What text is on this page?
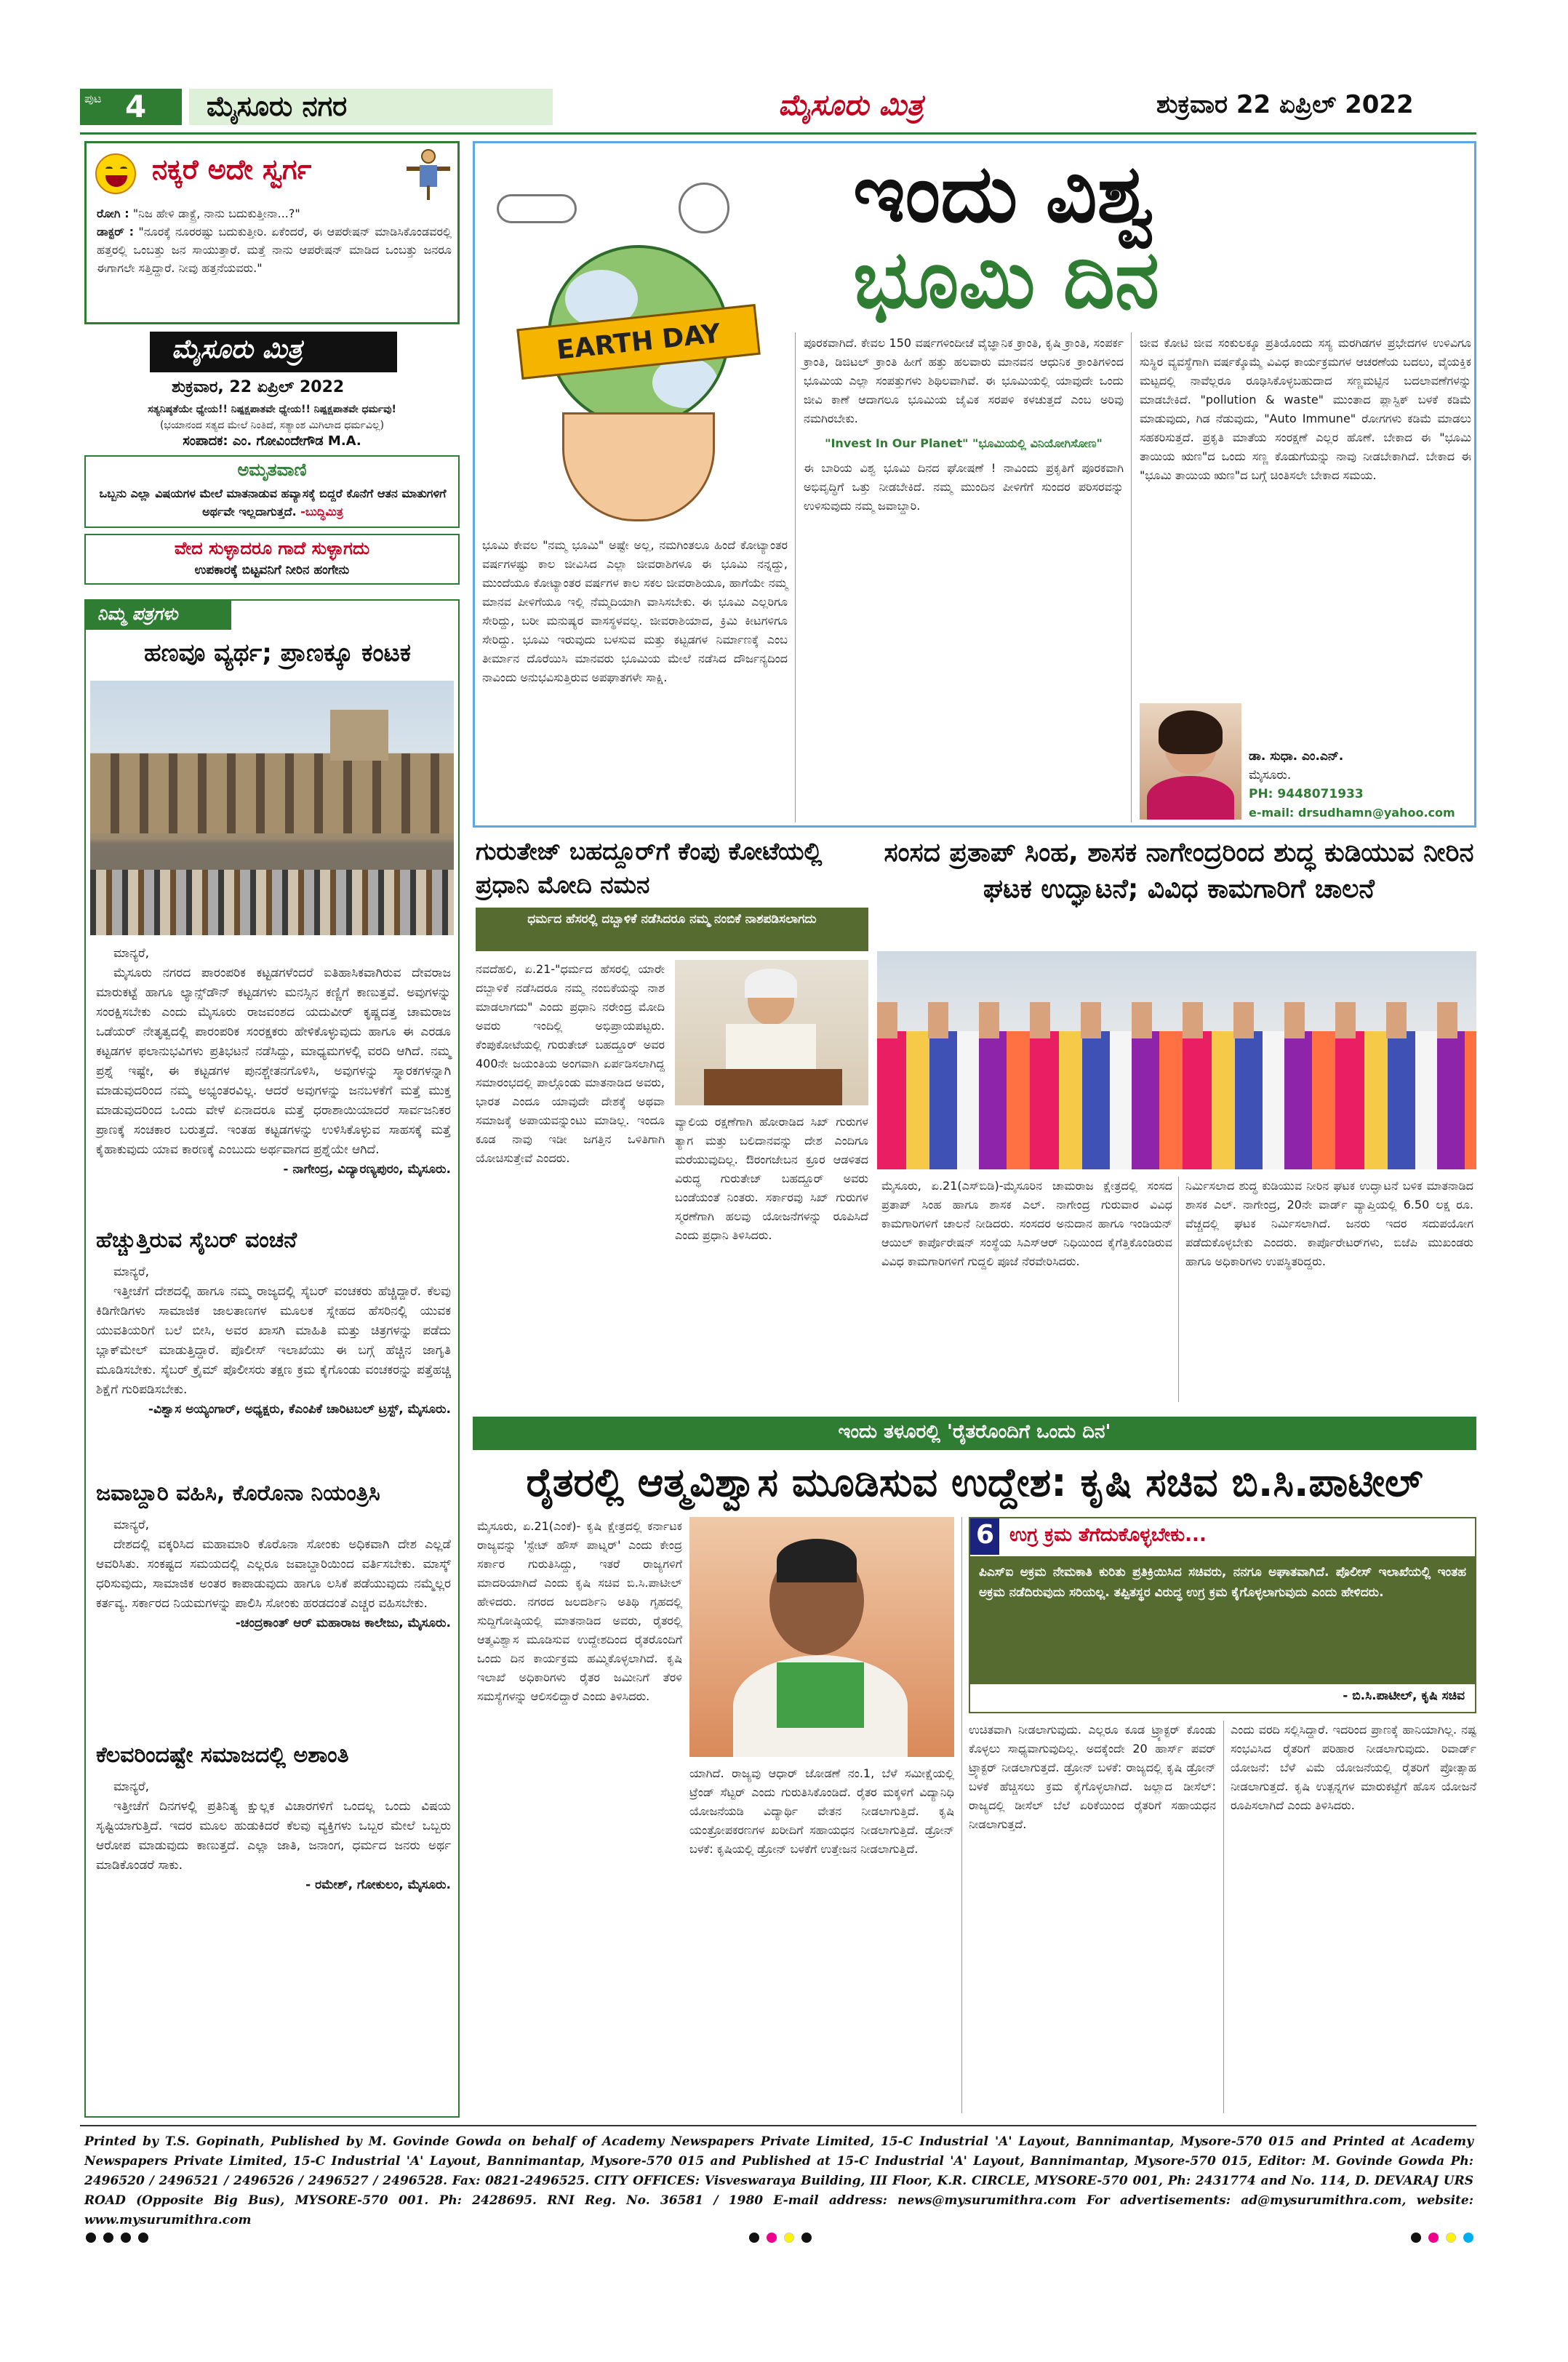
ಪುಟ 4 ಮೈಸೂರು ನಗರ	ಮೈಸೂರು ಮಿತ್ರ	ಶುಕ್ರವಾರ 22 ಏಪ್ರಿಲ್ 2022
ನಕ್ಕರೆ ಅದೇ ಸ್ವರ್ಗ
ರೋಗಿ : "ನಿಜ ಹೇಳಿ ಡಾಕ್ಟ್ರೆ, ನಾನು ಬದುಕುತ್ತೀನಾ...?"
ಡಾಕ್ಟರ್ : "ನೂರಕ್ಕೆ ನೂರರಷ್ಟು ಬದುಕುತ್ತೀರಿ. ಏಕೆಂದರೆ, ಈ ಆಪರೇಷನ್ ಮಾಡಿಸಿಕೊಂಡವರಲ್ಲಿ ಹತ್ತರಲ್ಲಿ ಒಂಬತ್ತು ಜನ ಸಾಯುತ್ತಾರೆ. ಮತ್ತೆ ನಾನು ಆಪರೇಷನ್ ಮಾಡಿದ ಒಂಬತ್ತು ಜನರೂ ಈಗಾಗಲೇ ಸತ್ತಿದ್ದಾರೆ. ನೀವು ಹತ್ತನೆಯವರು."
ಮೈಸೂರು ಮಿತ್ರ
ಶುಕ್ರವಾರ, 22 ಏಪ್ರಿಲ್ 2022
ಸತ್ಯನಿಷ್ಠತೆಯೇ ಧ್ಯೇಯ!! ನಿಷ್ಪಕ್ಷಪಾತವೇ ಧ್ಯೇಯ!! ನಿಷ್ಪಕ್ಷಪಾತವೇ ಧರ್ಮವು!
(ಭಯಾನಂದ ಸತ್ಯದ ಮೇಲೆ ನಿಂತಿದೆ, ಸತ್ಯಾಂಶ ಮಿಗಿಲಾದ ಧರ್ಮವಿಲ್ಲ)
ಸಂಪಾದಕ: ಎಂ. ಗೋವಿಂದೇಗೌಡ M.A.
ಅಮೃತವಾಣಿ
ಒಬ್ಬನು ಎಲ್ಲಾ ವಿಷಯಗಳ ಮೇಲೆ ಮಾತನಾಡುವ ಹವ್ಯಾಸಕ್ಕೆ ಬಿದ್ದರೆ ಕೊನೆಗೆ ಆತನ ಮಾತುಗಳಿಗೆ ಅರ್ಥವೇ ಇಲ್ಲದಾಗುತ್ತದೆ. -ಬುದ್ಧಿಮಿತ್ರ
ವೇದ ಸುಳ್ಳಾದರೂ ಗಾದೆ ಸುಳ್ಳಾಗದು
ಉಪಕಾರಕ್ಕೆ ಬಿಟ್ಟವನಿಗೆ ನೀರಿನ ಹಂಗೇನು
ನಿಮ್ಮ ಪತ್ರಗಳು
ಹಣವೂ ವ್ಯರ್ಥ; ಪ್ರಾಣಕ್ಕೂ ಕಂಟಕ

ಮಾನ್ಯರೆ,

ಮೈಸೂರು ನಗರದ ಪಾರಂಪರಿಕ ಕಟ್ಟಡಗಳೆಂದರೆ ಐತಿಹಾಸಿಕವಾಗಿರುವ ದೇವರಾಜ ಮಾರುಕಟ್ಟೆ ಹಾಗೂ ಲ್ಯಾನ್ಸ್‌ಡೌನ್ ಕಟ್ಟಡಗಳು ಮನಸ್ಸಿನ ಕಣ್ಣಿಗೆ ಕಾಣುತ್ತವೆ. ಅವುಗಳನ್ನು ಸಂರಕ್ಷಿಸಬೇಕು ಎಂದು ಮೈಸೂರು ರಾಜವಂಶದ ಯದುವೀರ್ ಕೃಷ್ಣದತ್ತ ಚಾಮರಾಜ ಒಡೆಯರ್ ನೇತೃತ್ವದಲ್ಲಿ ಪಾರಂಪರಿಕ ಸಂರಕ್ಷಕರು ಹೇಳಿಕೊಳ್ಳುವುದು ಹಾಗೂ ಈ ಎರಡೂ ಕಟ್ಟಡಗಳ ಫಲಾನುಭವಿಗಳು ಪ್ರತಿಭಟನೆ ನಡೆಸಿದ್ದು, ಮಾಧ್ಯಮಗಳಲ್ಲಿ ವರದಿ ಆಗಿದೆ. ನಮ್ಮ ಪ್ರಶ್ನೆ ಇಷ್ಟೇ, ಈ ಕಟ್ಟಡಗಳ ಪುನಶ್ಚೇತನಗೊಳಿಸಿ, ಅವುಗಳನ್ನು ಸ್ಮಾರಕಗಳನ್ನಾಗಿ ಮಾಡುವುದರಿಂದ ನಮ್ಮ ಅಭ್ಯಂತರವಿಲ್ಲ. ಆದರೆ ಅವುಗಳನ್ನು ಜನಬಳಕೆಗೆ ಮತ್ತೆ ಮುಕ್ತ ಮಾಡುವುದರಿಂದ ಒಂದು ವೇಳೆ ಏನಾದರೂ ಮತ್ತೆ ಧರಾಶಾಯಿಯಾದರೆ ಸಾರ್ವಜನಿಕರ ಪ್ರಾಣಕ್ಕೆ ಸಂಚಕಾರ ಬರುತ್ತದೆ. ಇಂತಹ ಕಟ್ಟಡಗಳನ್ನು ಉಳಿಸಿಕೊಳ್ಳುವ ಸಾಹಸಕ್ಕೆ ಮತ್ತೆ ಕೈಹಾಕುವುದು ಯಾವ ಕಾರಣಕ್ಕೆ ಎಂಬುದು ಅರ್ಥವಾಗದ ಪ್ರಶ್ನೆಯೇ ಆಗಿದೆ.

- ನಾಗೇಂದ್ರ, ವಿದ್ಯಾರಣ್ಯಪುರಂ, ಮೈಸೂರು.
ಹೆಚ್ಚುತ್ತಿರುವ ಸೈಬರ್ ವಂಚನೆ

ಮಾನ್ಯರೆ,

ಇತ್ತೀಚೆಗೆ ದೇಶದಲ್ಲಿ ಹಾಗೂ ನಮ್ಮ ರಾಜ್ಯದಲ್ಲಿ ಸೈಬರ್ ವಂಚಕರು ಹೆಚ್ಚಿದ್ದಾರೆ. ಕೆಲವು ಕಿಡಿಗೇಡಿಗಳು ಸಾಮಾಜಿಕ ಜಾಲತಾಣಗಳ ಮೂಲಕ ಸ್ನೇಹದ ಹೆಸರಿನಲ್ಲಿ ಯುವಕ ಯುವತಿಯರಿಗೆ ಬಲೆ ಬೀಸಿ, ಅವರ ಖಾಸಗಿ ಮಾಹಿತಿ ಮತ್ತು ಚಿತ್ರಗಳನ್ನು ಪಡೆದು ಬ್ಲಾಕ್‌ಮೇಲ್ ಮಾಡುತ್ತಿದ್ದಾರೆ. ಪೊಲೀಸ್ ಇಲಾಖೆಯು ಈ ಬಗ್ಗೆ ಹೆಚ್ಚಿನ ಜಾಗೃತಿ ಮೂಡಿಸಬೇಕು. ಸೈಬರ್ ಕ್ರೈಮ್ ಪೊಲೀಸರು ತಕ್ಷಣ ಕ್ರಮ ಕೈಗೊಂಡು ವಂಚಕರನ್ನು ಪತ್ತೆಹಚ್ಚಿ ಶಿಕ್ಷೆಗೆ ಗುರಿಪಡಿಸಬೇಕು.

-ವಿಶ್ವಾಸ ಅಯ್ಯಂಗಾರ್, ಅಧ್ಯಕ್ಷರು, ಕೆಎಂಪಿಕೆ ಚಾರಿಟಬಲ್ ಟ್ರಸ್ಟ್, ಮೈಸೂರು.
ಜವಾಬ್ದಾರಿ ವಹಿಸಿ, ಕೊರೊನಾ ನಿಯಂತ್ರಿಸಿ

ಮಾನ್ಯರೆ,

ದೇಶದಲ್ಲಿ ವಕ್ಕರಿಸಿದ ಮಹಾಮಾರಿ ಕೊರೊನಾ ಸೋಂಕು ಅಧಿಕವಾಗಿ ದೇಶ ಎಲ್ಲಡೆ ಆವರಿಸಿತು. ಸಂಕಷ್ಟದ ಸಮಯದಲ್ಲಿ ಎಲ್ಲರೂ ಜವಾಬ್ದಾರಿಯಿಂದ ವರ್ತಿಸಬೇಕು. ಮಾಸ್ಕ್ ಧರಿಸುವುದು, ಸಾಮಾಜಿಕ ಅಂತರ ಕಾಪಾಡುವುದು ಹಾಗೂ ಲಸಿಕೆ ಪಡೆಯುವುದು ನಮ್ಮೆಲ್ಲರ ಕರ್ತವ್ಯ. ಸರ್ಕಾರದ ನಿಯಮಗಳನ್ನು ಪಾಲಿಸಿ ಸೋಂಕು ಹರಡದಂತೆ ಎಚ್ಚರ ವಹಿಸಬೇಕು.

-ಚಂದ್ರಕಾಂತ್ ಆರ್ ಮಹಾರಾಜ ಕಾಲೇಜು, ಮೈಸೂರು.
ಕೆಲವರಿಂದಷ್ಟೇ ಸಮಾಜದಲ್ಲಿ ಅಶಾಂತಿ

ಮಾನ್ಯರೆ,

ಇತ್ತೀಚೆಗೆ ದಿನಗಳಲ್ಲಿ ಪ್ರತಿನಿತ್ಯ ಕ್ಷುಲ್ಲಕ ವಿಚಾರಗಳಿಗೆ ಒಂದಲ್ಲ ಒಂದು ವಿಷಯ ಸೃಷ್ಟಿಯಾಗುತ್ತಿದೆ. ಇದರ ಮೂಲ ಹುಡುಕಿದರೆ ಕೆಲವು ವ್ಯಕ್ತಿಗಳು ಒಬ್ಬರ ಮೇಲೆ ಒಬ್ಬರು ಆರೋಪ ಮಾಡುವುದು ಕಾಣುತ್ತದೆ. ಎಲ್ಲಾ ಜಾತಿ, ಜನಾಂಗ, ಧರ್ಮದ ಜನರು ಅರ್ಥ ಮಾಡಿಕೊಂಡರೆ ಸಾಕು.

- ರಮೇಶ್, ಗೋಕುಲಂ, ಮೈಸೂರು.
EARTH DAY
ಇಂದು ವಿಶ್ವ
ಭೂಮಿ ದಿನ
ಭೂಮಿ ಕೇವಲ "ನಮ್ಮ ಭೂಮಿ" ಅಷ್ಟೇ ಅಲ್ಲ, ನಮಗಿಂತಲೂ ಹಿಂದೆ ಕೋಟ್ಯಾಂತರ ವರ್ಷಗಳಷ್ಟು ಕಾಲ ಜೀವಿಸಿದ ಎಲ್ಲಾ ಜೀವರಾಶಿಗಳೂ ಈ ಭೂಮಿ ನನ್ನದ್ದು, ಮುಂದೆಯೂ ಕೋಟ್ಯಾಂತರ ವರ್ಷಗಳ ಕಾಲ ಸಕಲ ಜೀವರಾಶಿಯೂ, ಹಾಗೆಯೇ ನಮ್ಮ ಮಾನವ ಪೀಳಿಗೆಯೂ ಇಲ್ಲಿ ನೆಮ್ಮದಿಯಾಗಿ ವಾಸಿಸಬೇಕು. ಈ ಭೂಮಿ ಎಲ್ಲರಿಗೂ ಸೇರಿದ್ದು, ಬರೀ ಮನುಷ್ಯರ ವಾಸಸ್ಥಳವಲ್ಲ. ಜೀವರಾಶಿಯಾದ, ಕ್ರಿಮಿ ಕೀಟಗಳಿಗೂ ಸೇರಿದ್ದು. ಭೂಮಿ ಇರುವುದು ಬಳಸುವ ಮತ್ತು ಕಟ್ಟಡಗಳ ನಿರ್ಮಾಣಕ್ಕೆ ಎಂಬ ತೀರ್ಮಾನ ದೊರೆಯಿಸಿ ಮಾನವರು ಭೂಮಿಯ ಮೇಲೆ ನಡೆಸಿದ ದೌರ್ಜನ್ಯದಿಂದ ನಾವಿಂದು ಅನುಭವಿಸುತ್ತಿರುವ ಅಪಘಾತಗಳೇ ಸಾಕ್ಷಿ.
ಪೂರಕವಾಗಿದೆ. ಕೇವಲ 150 ವರ್ಷಗಳಿಂದೀಚೆ ವೈಜ್ಞಾನಿಕ ಕ್ರಾಂತಿ, ಕೃಷಿ ಕ್ರಾಂತಿ, ಸಂಪರ್ಕ ಕ್ರಾಂತಿ, ಡಿಜಿಟಲ್ ಕ್ರಾಂತಿ ಹೀಗೆ ಹತ್ತು ಹಲವಾರು ಮಾನವನ ಆಧುನಿಕ ಕ್ರಾಂತಿಗಳಿಂದ ಭೂಮಿಯ ಎಲ್ಲಾ ಸಂಪತ್ತುಗಳು ಶಿಥಿಲವಾಗಿವೆ. ಈ ಭೂಮಿಯಲ್ಲಿ ಯಾವುದೇ ಒಂದು ಜೀವಿ ಕಾಣೆ ಆದಾಗಲೂ ಭೂಮಿಯ ಜೈವಿಕ ಸರಪಳಿ ಕಳಚುತ್ತದೆ ಎಂಬ ಅರಿವು ನಮಗಿರಬೇಕು.
"Invest In Our Planet" "ಭೂಮಿಯಲ್ಲಿ ವಿನಿಯೋಗಿಸೋಣ"
ಈ ಬಾರಿಯ ವಿಶ್ವ ಭೂಮಿ ದಿನದ ಘೋಷಣೆ ! ನಾವಿಂದು ಪ್ರಕೃತಿಗೆ ಪೂರಕವಾಗಿ ಅಭಿವೃದ್ಧಿಗೆ ಒತ್ತು ನೀಡಬೇಕಿದೆ. ನಮ್ಮ ಮುಂದಿನ ಪೀಳಿಗೆಗೆ ಸುಂದರ ಪರಿಸರವನ್ನು ಉಳಿಸುವುದು ನಮ್ಮ ಜವಾಬ್ದಾರಿ.
ಜೀವ ಕೋಟಿ ಜೀವ ಸಂಕುಲಕ್ಕೂ ಪ್ರತಿಯೊಂದು ಸಸ್ಯ ಮರಗಿಡಗಳ ಪ್ರಭೇದಗಳ ಉಳಿವಿಗೂ ಸುಸ್ಥಿರ ವ್ಯವಸ್ಥೆಗಾಗಿ ವರ್ಷಕ್ಕೊಮ್ಮೆ ವಿವಿಧ ಕಾರ್ಯಕ್ರಮಗಳ ಆಚರಣೆಯ ಬದಲು, ವೈಯಕ್ತಿಕ ಮಟ್ಟದಲ್ಲಿ ನಾವೆಲ್ಲರೂ ರೂಢಿಸಿಕೊಳ್ಳಬಹುದಾದ ಸಣ್ಣಮಟ್ಟಿನ ಬದಲಾವಣೆಗಳನ್ನು ಮಾಡಬೇಕಿದೆ. "pollution & waste" ಮುಂತಾದ ಪ್ಲಾಸ್ಟಿಕ್ ಬಳಕೆ ಕಡಿಮೆ ಮಾಡುವುದು, ಗಿಡ ನೆಡುವುದು, "Auto Immune" ರೋಗಗಳು ಕಡಿಮೆ ಮಾಡಲು ಸಹಕರಿಸುತ್ತದೆ. ಪ್ರಕೃತಿ ಮಾತೆಯ ಸಂರಕ್ಷಣೆ ಎಲ್ಲರ ಹೊಣೆ. ಬೇಕಾದ ಈ "ಭೂಮಿ ತಾಯಿಯ ಋಣ"ದ ಒಂದು ಸಣ್ಣ ಕೊಡುಗೆಯನ್ನು ನಾವು ನೀಡಬೇಕಾಗಿದೆ. ಬೇಕಾದ ಈ "ಭೂಮಿ ತಾಯಿಯ ಋಣ"ದ ಬಗ್ಗೆ ಚಿಂತಿಸಲೇ ಬೇಕಾದ ಸಮಯ.
ಡಾ. ಸುಧಾ. ಎಂ.ಎನ್.
ಮೈಸೂರು.
PH: 9448071933
e-mail: drsudhamn@yahoo.com
ಗುರುತೇಜ್ ಬಹದ್ದೂರ್‌ಗೆ ಕೆಂಪು ಕೋಟೆಯಲ್ಲಿ ಪ್ರಧಾನಿ ಮೋದಿ ನಮನ
ಧರ್ಮದ ಹೆಸರಲ್ಲಿ ದಬ್ಬಾಳಿಕೆ ನಡೆಸಿದರೂ ನಮ್ಮ ನಂಬಿಕೆ ನಾಶಪಡಿಸಲಾಗದು
ನವದೆಹಲಿ, ಏ.21-"ಧರ್ಮದ ಹೆಸರಲ್ಲಿ ಯಾರೇ ದಬ್ಬಾಳಿಕೆ ನಡೆಸಿದರೂ ನಮ್ಮ ನಂಬಿಕೆಯನ್ನು ನಾಶ ಮಾಡಲಾಗದು" ಎಂದು ಪ್ರಧಾನಿ ನರೇಂದ್ರ ಮೋದಿ ಅವರು ಇಂದಿಲ್ಲಿ ಅಭಿಪ್ರಾಯಪಟ್ಟರು. ಕೆಂಪುಕೋಟೆಯಲ್ಲಿ ಗುರುತೇಜ್ ಬಹದ್ದೂರ್ ಅವರ 400ನೇ ಜಯಂತಿಯ ಅಂಗವಾಗಿ ಏರ್ಪಡಿಸಲಾಗಿದ್ದ ಸಮಾರಂಭದಲ್ಲಿ ಪಾಲ್ಗೊಂಡು ಮಾತನಾಡಿದ ಅವರು, ಭಾರತ ಎಂದೂ ಯಾವುದೇ ದೇಶಕ್ಕೆ ಅಥವಾ ಸಮಾಜಕ್ಕೆ ಅಪಾಯವನ್ನುಂಟು ಮಾಡಿಲ್ಲ. ಇಂದೂ ಕೂಡ ನಾವು ಇಡೀ ಜಗತ್ತಿನ ಒಳಿತಿಗಾಗಿ ಯೋಚಿಸುತ್ತೇವೆ ಎಂದರು.
ವ್ಯಾಲಿಯ ರಕ್ಷಣೆಗಾಗಿ ಹೋರಾಡಿದ ಸಿಖ್ ಗುರುಗಳ ತ್ಯಾಗ ಮತ್ತು ಬಲಿದಾನವನ್ನು ದೇಶ ಎಂದಿಗೂ ಮರೆಯುವುದಿಲ್ಲ. ಔರಂಗಜೇಬನ ಕ್ರೂರ ಆಡಳಿತದ ವಿರುದ್ಧ ಗುರುತೇಜ್ ಬಹದ್ದೂರ್ ಅವರು ಬಂಡೆಯಂತೆ ನಿಂತರು. ಸರ್ಕಾರವು ಸಿಖ್ ಗುರುಗಳ ಸ್ಮರಣೆಗಾಗಿ ಹಲವು ಯೋಜನೆಗಳನ್ನು ರೂಪಿಸಿದೆ ಎಂದು ಪ್ರಧಾನಿ ತಿಳಿಸಿದರು.
ಸಂಸದ ಪ್ರತಾಪ್ ಸಿಂಹ, ಶಾಸಕ ನಾಗೇಂದ್ರರಿಂದ ಶುದ್ಧ ಕುಡಿಯುವ ನೀರಿನ ಘಟಕ ಉದ್ಘಾಟನೆ; ವಿವಿಧ ಕಾಮಗಾರಿಗೆ ಚಾಲನೆ
ಮೈಸೂರು, ಏ.21(ಎಸ್‌ಬಿಡಿ)-ಮೈಸೂರಿನ ಚಾಮರಾಜ ಕ್ಷೇತ್ರದಲ್ಲಿ ಸಂಸದ ಪ್ರತಾಪ್ ಸಿಂಹ ಹಾಗೂ ಶಾಸಕ ಎಲ್. ನಾಗೇಂದ್ರ ಗುರುವಾರ ವಿವಿಧ ಕಾಮಗಾರಿಗಳಿಗೆ ಚಾಲನೆ ನೀಡಿದರು. ಸಂಸದರ ಅನುದಾನ ಹಾಗೂ ಇಂಡಿಯನ್ ಆಯಿಲ್ ಕಾರ್ಪೊರೇಷನ್ ಸಂಸ್ಥೆಯ ಸಿಎಸ್‌ಆರ್ ನಿಧಿಯಿಂದ ಕೈಗೆತ್ತಿಕೊಂಡಿರುವ ವಿವಿಧ ಕಾಮಗಾರಿಗಳಿಗೆ ಗುದ್ದಲಿ ಪೂಜೆ ನೆರವೇರಿಸಿದರು.
ನಿರ್ಮಿಸಲಾದ ಶುದ್ಧ ಕುಡಿಯುವ ನೀರಿನ ಘಟಕ ಉದ್ಘಾಟನೆ ಬಳಿಕ ಮಾತನಾಡಿದ ಶಾಸಕ ಎಲ್. ನಾಗೇಂದ್ರ, 20ನೇ ವಾರ್ಡ್ ವ್ಯಾಪ್ತಿಯಲ್ಲಿ 6.50 ಲಕ್ಷ ರೂ. ವೆಚ್ಚದಲ್ಲಿ ಘಟಕ ನಿರ್ಮಿಸಲಾಗಿದೆ. ಜನರು ಇದರ ಸದುಪಯೋಗ ಪಡೆದುಕೊಳ್ಳಬೇಕು ಎಂದರು. ಕಾರ್ಪೊರೇಟರ್‌ಗಳು, ಬಿಜೆಪಿ ಮುಖಂಡರು ಹಾಗೂ ಅಧಿಕಾರಿಗಳು ಉಪಸ್ಥಿತರಿದ್ದರು.
ಇಂದು ತಳೂರಲ್ಲಿ 'ರೈತರೊಂದಿಗೆ ಒಂದು ದಿನ'
ರೈತರಲ್ಲಿ ಆತ್ಮವಿಶ್ವಾಸ ಮೂಡಿಸುವ ಉದ್ದೇಶ: ಕೃಷಿ ಸಚಿವ ಬಿ.ಸಿ.ಪಾಟೀಲ್
ಮೈಸೂರು, ಏ.21(ಎಂಕೆ)- ಕೃಷಿ ಕ್ಷೇತ್ರದಲ್ಲಿ ಕರ್ನಾಟಕ ರಾಜ್ಯವನ್ನು 'ಸ್ಟೇಟ್ ಹೌಸ್ ಪಾಟ್ನರ್' ಎಂದು ಕೇಂದ್ರ ಸರ್ಕಾರ ಗುರುತಿಸಿದ್ದು, ಇತರೆ ರಾಜ್ಯಗಳಿಗೆ ಮಾದರಿಯಾಗಿದೆ ಎಂದು ಕೃಷಿ ಸಚಿವ ಬಿ.ಸಿ.ಪಾಟೀಲ್ ಹೇಳಿದರು. ನಗರದ ಜಲದರ್ಶಿನಿ ಅತಿಥಿ ಗೃಹದಲ್ಲಿ ಸುದ್ದಿಗೋಷ್ಠಿಯಲ್ಲಿ ಮಾತನಾಡಿದ ಅವರು, ರೈತರಲ್ಲಿ ಆತ್ಮವಿಶ್ವಾಸ ಮೂಡಿಸುವ ಉದ್ದೇಶದಿಂದ ರೈತರೊಂದಿಗೆ ಒಂದು ದಿನ ಕಾರ್ಯಕ್ರಮ ಹಮ್ಮಿಕೊಳ್ಳಲಾಗಿದೆ. ಕೃಷಿ ಇಲಾಖೆ ಅಧಿಕಾರಿಗಳು ರೈತರ ಜಮೀನಿಗೆ ತೆರಳಿ ಸಮಸ್ಯೆಗಳನ್ನು ಆಲಿಸಲಿದ್ದಾರೆ ಎಂದು ತಿಳಿಸಿದರು.
ಯಾಗಿದೆ. ರಾಜ್ಯವು ಆಧಾರ್ ಜೋಡಣೆ ನಂ.1, ಬೆಳೆ ಸಮೀಕ್ಷೆಯಲ್ಲಿ ಟ್ರೆಂಡ್ ಸೆಟ್ಟರ್ ಎಂದು ಗುರುತಿಸಿಕೊಂಡಿದೆ. ರೈತರ ಮಕ್ಕಳಿಗೆ ವಿದ್ಯಾನಿಧಿ ಯೋಜನೆಯಡಿ ವಿದ್ಯಾರ್ಥಿ ವೇತನ ನೀಡಲಾಗುತ್ತಿದೆ. ಕೃಷಿ ಯಂತ್ರೋಪಕರಣಗಳ ಖರೀದಿಗೆ ಸಹಾಯಧನ ನೀಡಲಾಗುತ್ತಿದೆ. ಡ್ರೋನ್ ಬಳಕೆ: ಕೃಷಿಯಲ್ಲಿ ಡ್ರೋನ್ ಬಳಕೆಗೆ ಉತ್ತೇಜನ ನೀಡಲಾಗುತ್ತಿದೆ.
6 ಉಗ್ರ ಕ್ರಮ ತೆಗೆದುಕೊಳ್ಳಬೇಕು...
ಪಿಎಸ್‌ಐ ಅಕ್ರಮ ನೇಮಕಾತಿ ಕುರಿತು ಪ್ರತಿಕ್ರಿಯಿಸಿದ ಸಚಿವರು, ನನಗೂ ಅಘಾತವಾಗಿದೆ. ಪೊಲೀಸ್ ಇಲಾಖೆಯಲ್ಲಿ ಇಂತಹ ಅಕ್ರಮ ನಡೆದಿರುವುದು ಸರಿಯಲ್ಲ. ತಪ್ಪಿತಸ್ಥರ ವಿರುದ್ಧ ಉಗ್ರ ಕ್ರಮ ಕೈಗೊಳ್ಳಲಾಗುವುದು ಎಂದು ಹೇಳಿದರು.
- ಬಿ.ಸಿ.ಪಾಟೀಲ್, ಕೃಷಿ ಸಚಿವ
ಉಚಿತವಾಗಿ ನೀಡಲಾಗುವುದು. ಎಲ್ಲರೂ ಕೂಡ ಟ್ರ್ಯಾಕ್ಟರ್ ಕೊಂಡು ಕೊಳ್ಳಲು ಸಾಧ್ಯವಾಗುವುದಿಲ್ಲ. ಅದಕ್ಕೆಂದೇ 20 ಹಾರ್ಸ್ ಪವರ್ ಟ್ರ್ಯಾಕ್ಟರ್ ನೀಡಲಾಗುತ್ತದೆ. ಡ್ರೋನ್ ಬಳಕೆ: ರಾಜ್ಯದಲ್ಲಿ ಕೃಷಿ ಡ್ರೋನ್ ಬಳಕೆ ಹೆಚ್ಚಿಸಲು ಕ್ರಮ ಕೈಗೊಳ್ಳಲಾಗಿದೆ. ಜಲ್ಲಾದ ಡೀಸೆಲ್: ರಾಜ್ಯದಲ್ಲಿ ಡೀಸೆಲ್ ಬೆಲೆ ಏರಿಕೆಯಿಂದ ರೈತರಿಗೆ ಸಹಾಯಧನ ನೀಡಲಾಗುತ್ತದೆ.
ಎಂದು ವರದಿ ಸಲ್ಲಿಸಿದ್ದಾರೆ. ಇದರಿಂದ ಪ್ರಾಣಕ್ಕೆ ಹಾನಿಯಾಗಿಲ್ಲ. ನಷ್ಟ ಸಂಭವಿಸಿದ ರೈತರಿಗೆ ಪರಿಹಾರ ನೀಡಲಾಗುವುದು. ರಿವಾರ್ಡ್ ಯೋಜನೆ: ಬೆಳೆ ವಿಮೆ ಯೋಜನೆಯಲ್ಲಿ ರೈತರಿಗೆ ಪ್ರೋತ್ಸಾಹ ನೀಡಲಾಗುತ್ತದೆ. ಕೃಷಿ ಉತ್ಪನ್ನಗಳ ಮಾರುಕಟ್ಟೆಗೆ ಹೊಸ ಯೋಜನೆ ರೂಪಿಸಲಾಗಿದೆ ಎಂದು ತಿಳಿಸಿದರು.
Printed by T.S. Gopinath, Published by M. Govinde Gowda on behalf of Academy Newspapers Private Limited, 15-C Industrial 'A' Layout, Bannimantap, Mysore-570 015 and Printed at Academy Newspapers Private Limited, 15-C Industrial 'A' Layout, Bannimantap, Mysore-570 015 and Published at 15-C Industrial 'A' Layout, Bannimantap, Mysore-570 015, Editor: M. Govinde Gowda Ph: 2496520 / 2496521 / 2496526 / 2496527 / 2496528. Fax: 0821-2496525. CITY OFFICES: Visveswaraya Building, III Floor, K.R. CIRCLE, MYSORE-570 001, Ph: 2431774 and No. 114, D. DEVARAJ URS ROAD (Opposite Big Bus), MYSORE-570 001. Ph: 2428695. RNI Reg. No. 36581 / 1980 E-mail address: news@mysurumithra.com For advertisements: ad@mysurumithra.com, website: www.mysurumithra.com
